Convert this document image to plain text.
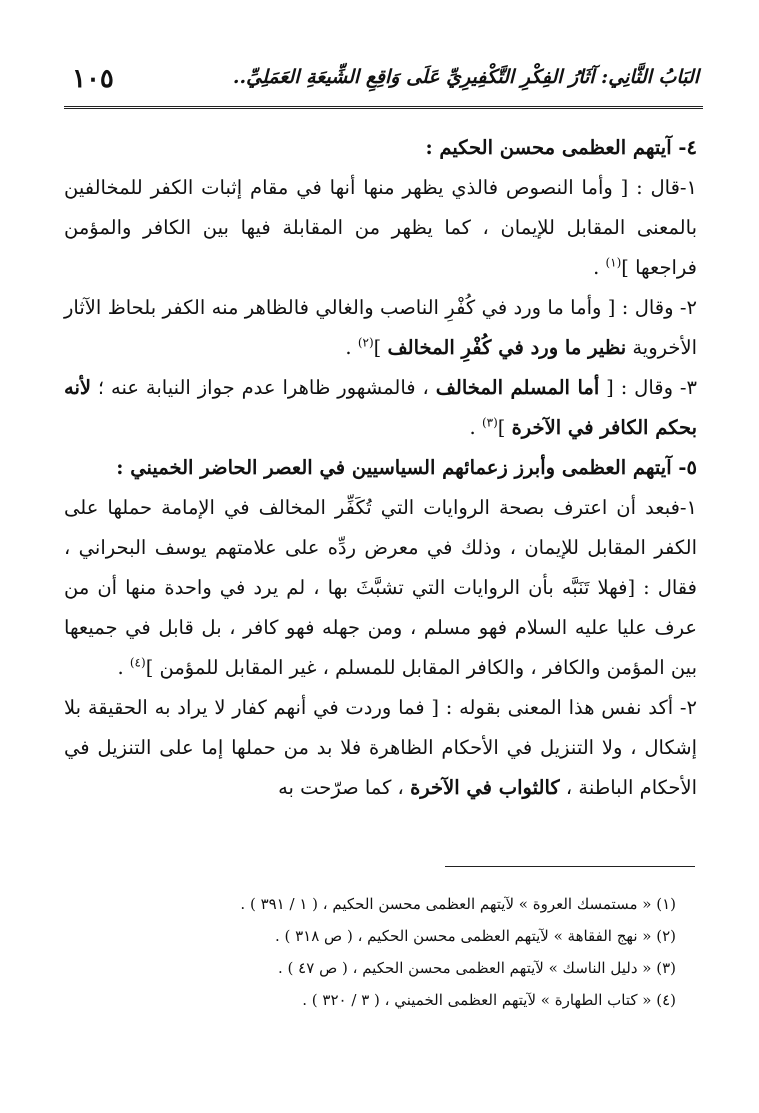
البَابُ الثَّانِي: آثَارُ الفِكْرِ التَّكْفِيرِيِّ عَلَى وَاقِعِ الشِّيعَةِ العَمَلِيِّ..
١٠٥

٤- آيتهم العظمى محسن الحكيم :

١-قال : [ وأما النصوص فالذي يظهر منها أنها في مقام إثبات الكفر للمخالفين بالمعنى المقابل للإيمان ، كما يظهر من المقابلة فيها بين الكافر والمؤمن فراجعها ]$^{(١)}$ .

٢- وقال : [ وأما ما ورد في كُفْرِ الناصب والغالي فالظاهر منه الكفر بلحاظ الآثار الأخروية نظير ما ورد في كُفْرِ المخالف ]$^{(٢)}$ .

٣- وقال : [ أما المسلم المخالف ، فالمشهور ظاهرا عدم جواز النيابة عنه ؛ لأنه بحكم الكافر في الآخرة ]$^{(٣)}$ .

٥- آيتهم العظمى وأبرز زعمائهم السياسيين في العصر الحاضر الخميني :

١-فبعد أن اعترف بصحة الروايات التي تُكَفِّر المخالف في الإمامة حملها على الكفر المقابل للإيمان ، وذلك في معرض ردِّه على علامتهم يوسف البحراني ، فقال : [فهلا تَنَبَّه بأن الروايات التي تشبَّثَ بها ، لم يرد في واحدة منها أن من عرف عليا عليه السلام فهو مسلم ، ومن جهله فهو كافر ، بل قابل في جميعها بين المؤمن والكافر ، والكافر المقابل للمسلم ، غير المقابل للمؤمن ]$^{(٤)}$ .

٢- أكد نفس هذا المعنى بقوله : [ فما وردت في أنهم كفار لا يراد به الحقيقة بلا إشكال ، ولا التنزيل في الأحكام الظاهرة فلا بد من حملها إما على التنزيل في الأحكام الباطنة ، كالثواب في الآخرة ، كما صرّحت به

(١) « مستمسك العروة » لآيتهم العظمى محسن الحكيم ، ( ١ / ٣٩١ ) .
(٢) « نهج الفقاهة » لآيتهم العظمى محسن الحكيم ، ( ص ٣١٨ ) .
(٣) « دليل الناسك » لآيتهم العظمى محسن الحكيم ، ( ص ٤٧ ) .
(٤) « كتاب الطهارة » لآيتهم العظمى الخميني ، ( ٣ / ٣٢٠ ) .
